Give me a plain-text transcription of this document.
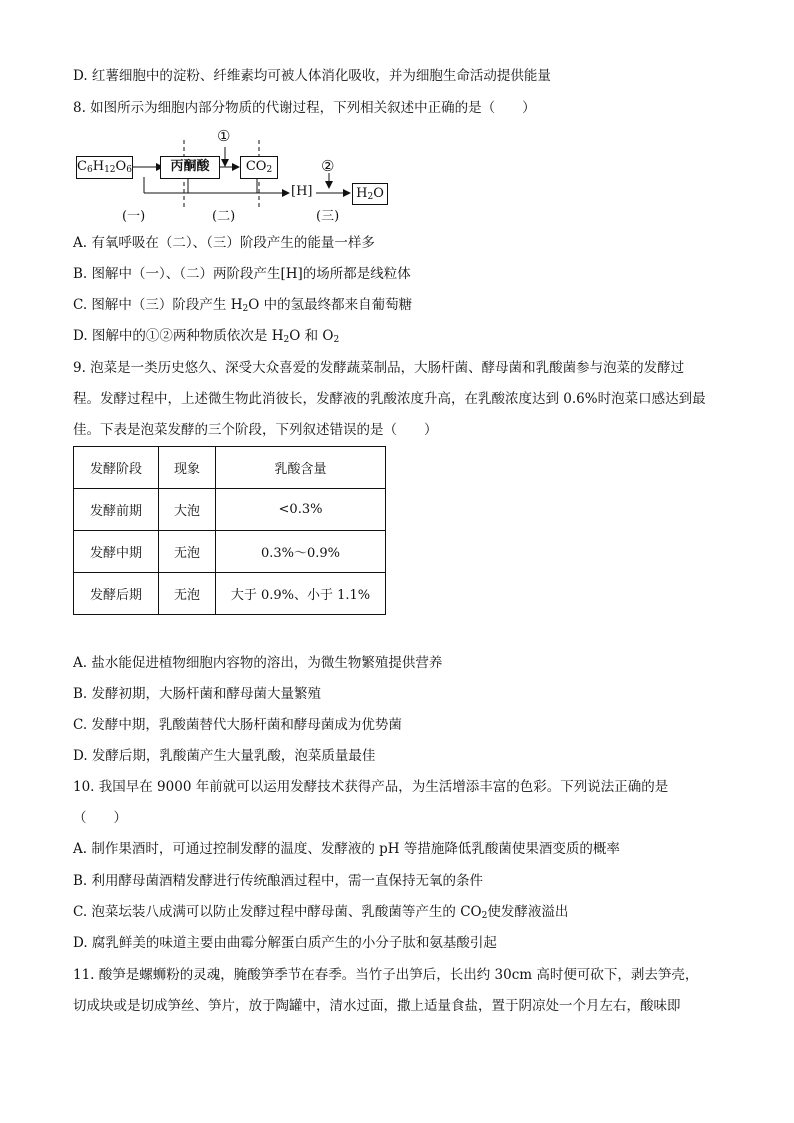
D. 红薯细胞中的淀粉、纤维素均可被人体消化吸收，并为细胞生命活动提供能量
8. 如图所示为细胞内部分物质的代谢过程，下列相关叙述中正确的是（　　）
$C_6H_{12}O_6$	丙酮酸	$CO_2$
[H]	$H_2O$
①
②
(一)	(二)	(三)
A. 有氧呼吸在（二）、（三）阶段产生的能量一样多
B. 图解中（一）、（二）两阶段产生[H]的场所都是线粒体
C. 图解中（三）阶段产生 $H_2O$ 中的氢最终都来自葡萄糖
D. 图解中的①②两种物质依次是 $H_2O$ 和 $O_2$
9. 泡菜是一类历史悠久、深受大众喜爱的发酵蔬菜制品，大肠杆菌、酵母菌和乳酸菌参与泡菜的发酵过
程。发酵过程中，上述微生物此消彼长，发酵液的乳酸浓度升高，在乳酸浓度达到 0.6%时泡菜口感达到最
佳。下表是泡菜发酵的三个阶段，下列叙述错误的是（　　）
发酵阶段	现象	乳酸含量
发酵前期	大泡	<0.3%
发酵中期	无泡	0.3%～0.9%
发酵后期	无泡	大于 0.9%、小于 1.1%
A. 盐水能促进植物细胞内容物的溶出，为微生物繁殖提供营养
B. 发酵初期，大肠杆菌和酵母菌大量繁殖
C. 发酵中期，乳酸菌替代大肠杆菌和酵母菌成为优势菌
D. 发酵后期，乳酸菌产生大量乳酸，泡菜质量最佳
10. 我国早在 9000 年前就可以运用发酵技术获得产品，为生活增添丰富的色彩。下列说法正确的是
（　　）
A. 制作果酒时，可通过控制发酵的温度、发酵液的 pH 等措施降低乳酸菌使果酒变质的概率
B. 利用酵母菌酒精发酵进行传统酿酒过程中，需一直保持无氧的条件
C. 泡菜坛装八成满可以防止发酵过程中酵母菌、乳酸菌等产生的 $CO_2$使发酵液溢出
D. 腐乳鲜美的味道主要由曲霉分解蛋白质产生的小分子肽和氨基酸引起
11. 酸笋是螺蛳粉的灵魂，腌酸笋季节在春季。当竹子出笋后，长出约 30cm 高时便可砍下，剥去笋壳，
切成块或是切成笋丝、笋片，放于陶罐中，清水过面，撒上适量食盐，置于阴凉处一个月左右，酸味即
